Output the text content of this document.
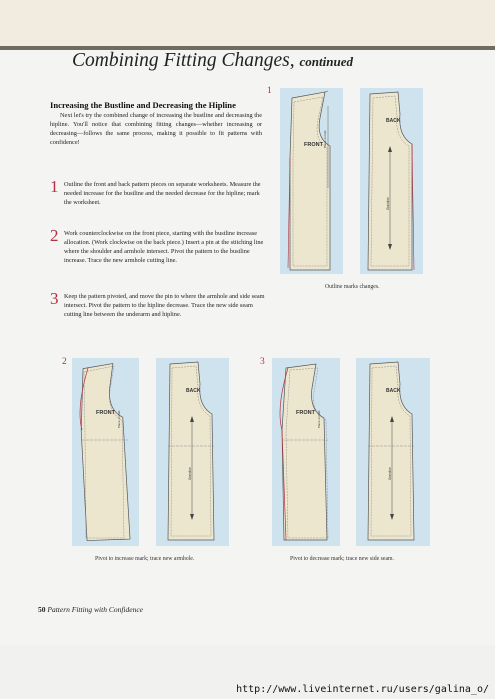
Combining Fitting Changes, continued
Increasing the Bustline and Decreasing the Hipline

Next let's try the combined change of increasing the bustline and decreasing the hipline. You'll notice that combining fitting changes—whether increasing or decreasing—follows the same process, making it possible to fit patterns with confidence!

1 Outline the front and back pattern pieces on separate worksheets. Measure the needed increase for the bustline and the needed decrease for the hipline; mark the worksheet.
2 Work counterclockwise on the front piece, starting with the bustline increase allocation. (Work clockwise on the back piece.) Insert a pin at the stitching line where the shoulder and armhole intersect. Pivot the pattern to the bustline increase. Trace the new armhole cutting line.
3 Keep the pattern pivoted, and move the pin to where the armhole and side seam intersect. Pivot the pattern to the hipline decrease. Trace the new side seam cutting line between the underarm and hipline.
1
FRONT Place on fold
BACK
Grainline
Outline marks changes.
2
FRONT Place on fold
BACK
Grainline
Pivot to increase mark; trace new armhole.
3
FRONT Place on fold
BACK
Grainline
Pivot to decrease mark; trace new side seam.
50 Pattern Fitting with Confidence
http://www.liveinternet.ru/users/galina_o/
